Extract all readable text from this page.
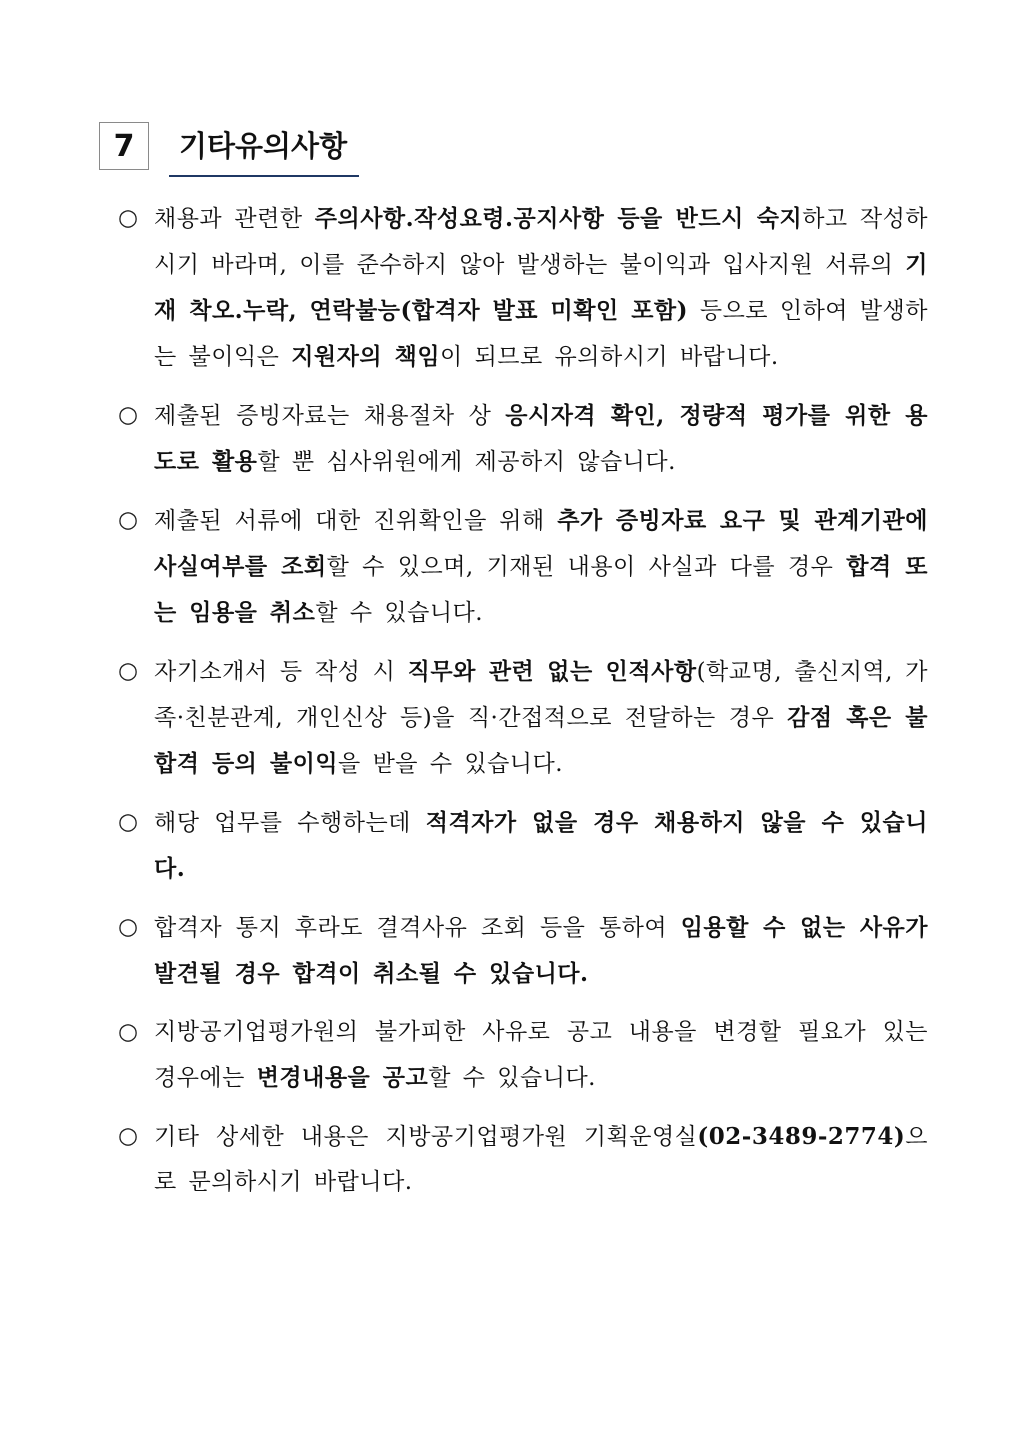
7	기타유의사항
○ 채용과 관련한 주의사항.작성요령.공지사항 등을 반드시 숙지하고 작성하시기 바라며, 이를 준수하지 않아 발생하는 불이익과 입사지원 서류의 기재 착오.누락, 연락불능(합격자 발표 미확인 포함) 등으로 인하여 발생하는 불이익은 지원자의 책임이 되므로 유의하시기 바랍니다.
○ 제출된 증빙자료는 채용절차 상 응시자격 확인, 정량적 평가를 위한 용도로 활용할 뿐 심사위원에게 제공하지 않습니다.
○ 제출된 서류에 대한 진위확인을 위해 추가 증빙자료 요구 및 관계기관에 사실여부를 조회할 수 있으며, 기재된 내용이 사실과 다를 경우 합격 또는 임용을 취소할 수 있습니다.
○ 자기소개서 등 작성 시 직무와 관련 없는 인적사항(학교명, 출신지역, 가족·친분관계, 개인신상 등)을 직·간접적으로 전달하는 경우 감점 혹은 불합격 등의 불이익을 받을 수 있습니다.
○ 해당 업무를 수행하는데 적격자가 없을 경우 채용하지 않을 수 있습니다.
○ 합격자 통지 후라도 결격사유 조회 등을 통하여 임용할 수 없는 사유가 발견될 경우 합격이 취소될 수 있습니다.
○ 지방공기업평가원의 불가피한 사유로 공고 내용을 변경할 필요가 있는 경우에는 변경내용을 공고할 수 있습니다.
○ 기타 상세한 내용은 지방공기업평가원 기획운영실(02-3489-2774)으로 문의하시기 바랍니다.
